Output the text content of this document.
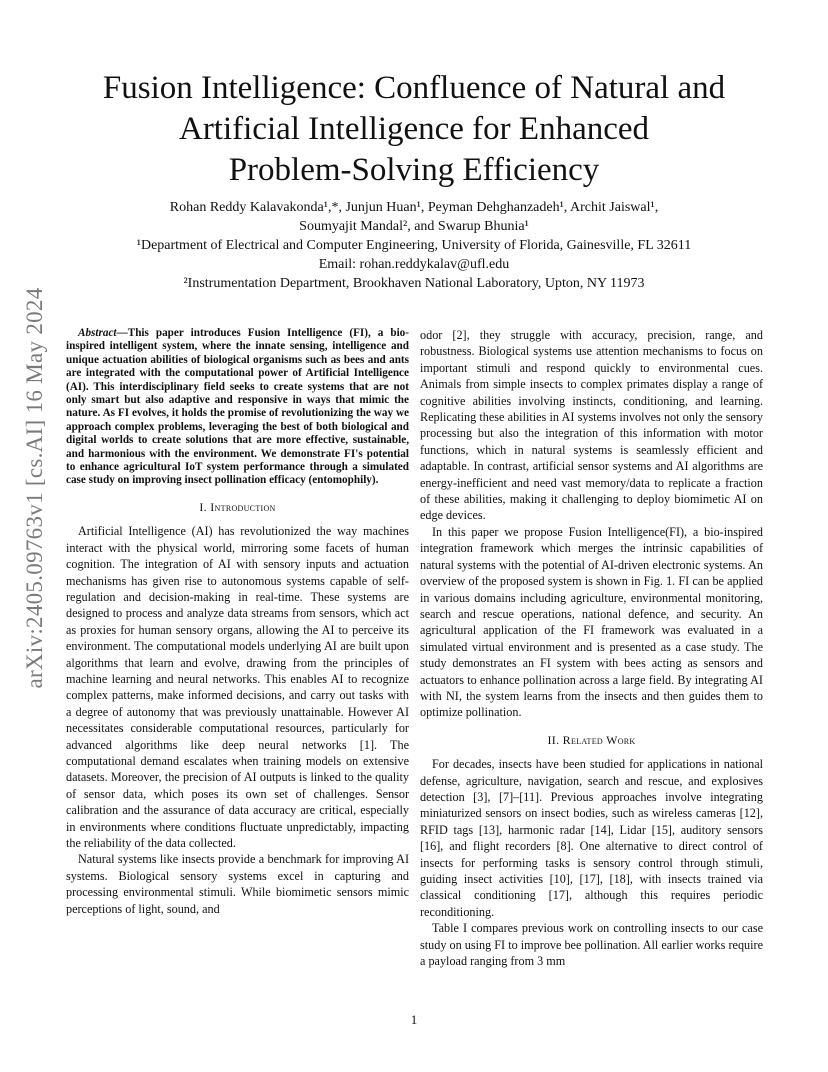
arXiv:2405.09763v1 [cs.AI] 16 May 2024
Fusion Intelligence: Confluence of Natural and
Artificial Intelligence for Enhanced
Problem-Solving Efficiency
Rohan Reddy Kalavakonda¹,*, Junjun Huan¹, Peyman Dehghanzadeh¹, Archit Jaiswal¹,
Soumyajit Mandal², and Swarup Bhunia¹
¹Department of Electrical and Computer Engineering, University of Florida, Gainesville, FL 32611
Email: rohan.reddykalav@ufl.edu
²Instrumentation Department, Brookhaven National Laboratory, Upton, NY 11973

Abstract—This paper introduces Fusion Intelligence (FI), a bio-inspired intelligent system, where the innate sensing, intelligence and unique actuation abilities of biological organisms such as bees and ants are integrated with the computational power of Artificial Intelligence (AI). This interdisciplinary field seeks to create systems that are not only smart but also adaptive and responsive in ways that mimic the nature. As FI evolves, it holds the promise of revolutionizing the way we approach complex problems, leveraging the best of both biological and digital worlds to create solutions that are more effective, sustainable, and harmonious with the environment. We demonstrate FI's potential to enhance agricultural IoT system performance through a simulated case study on improving insect pollination efficacy (entomophily).

I. Introduction

Artificial Intelligence (AI) has revolutionized the way machines interact with the physical world, mirroring some facets of human cognition. The integration of AI with sensory inputs and actuation mechanisms has given rise to autonomous systems capable of self-regulation and decision-making in real-time. These systems are designed to process and analyze data streams from sensors, which act as proxies for human sensory organs, allowing the AI to perceive its environment. The computational models underlying AI are built upon algorithms that learn and evolve, drawing from the principles of machine learning and neural networks. This enables AI to recognize complex patterns, make informed decisions, and carry out tasks with a degree of autonomy that was previously unattainable. However AI necessitates considerable computational resources, particularly for advanced algorithms like deep neural networks [1]. The computational demand escalates when training models on extensive datasets. Moreover, the precision of AI outputs is linked to the quality of sensor data, which poses its own set of challenges. Sensor calibration and the assurance of data accuracy are critical, especially in environments where conditions fluctuate unpredictably, impacting the reliability of the data collected.

Natural systems like insects provide a benchmark for improving AI systems. Biological sensory systems excel in capturing and processing environmental stimuli. While biomimetic sensors mimic perceptions of light, sound, and

odor [2], they struggle with accuracy, precision, range, and robustness. Biological systems use attention mechanisms to focus on important stimuli and respond quickly to environmental cues. Animals from simple insects to complex primates display a range of cognitive abilities involving instincts, conditioning, and learning. Replicating these abilities in AI systems involves not only the sensory processing but also the integration of this information with motor functions, which in natural systems is seamlessly efficient and adaptable. In contrast, artificial sensor systems and AI algorithms are energy-inefficient and need vast memory/data to replicate a fraction of these abilities, making it challenging to deploy biomimetic AI on edge devices.

In this paper we propose Fusion Intelligence(FI), a bio-inspired integration framework which merges the intrinsic capabilities of natural systems with the potential of AI-driven electronic systems. An overview of the proposed system is shown in Fig. 1. FI can be applied in various domains including agriculture, environmental monitoring, search and rescue operations, national defence, and security. An agricultural application of the FI framework was evaluated in a simulated virtual environment and is presented as a case study. The study demonstrates an FI system with bees acting as sensors and actuators to enhance pollination across a large field. By integrating AI with NI, the system learns from the insects and then guides them to optimize pollination.

II. Related Work

For decades, insects have been studied for applications in national defense, agriculture, navigation, search and rescue, and explosives detection [3], [7]–[11]. Previous approaches involve integrating miniaturized sensors on insect bodies, such as wireless cameras [12], RFID tags [13], harmonic radar [14], Lidar [15], auditory sensors [16], and flight recorders [8]. One alternative to direct control of insects for performing tasks is sensory control through stimuli, guiding insect activities [10], [17], [18], with insects trained via classical conditioning [17], although this requires periodic reconditioning.

Table I compares previous work on controlling insects to our case study on using FI to improve bee pollination. All earlier works require a payload ranging from 3 mm

1
